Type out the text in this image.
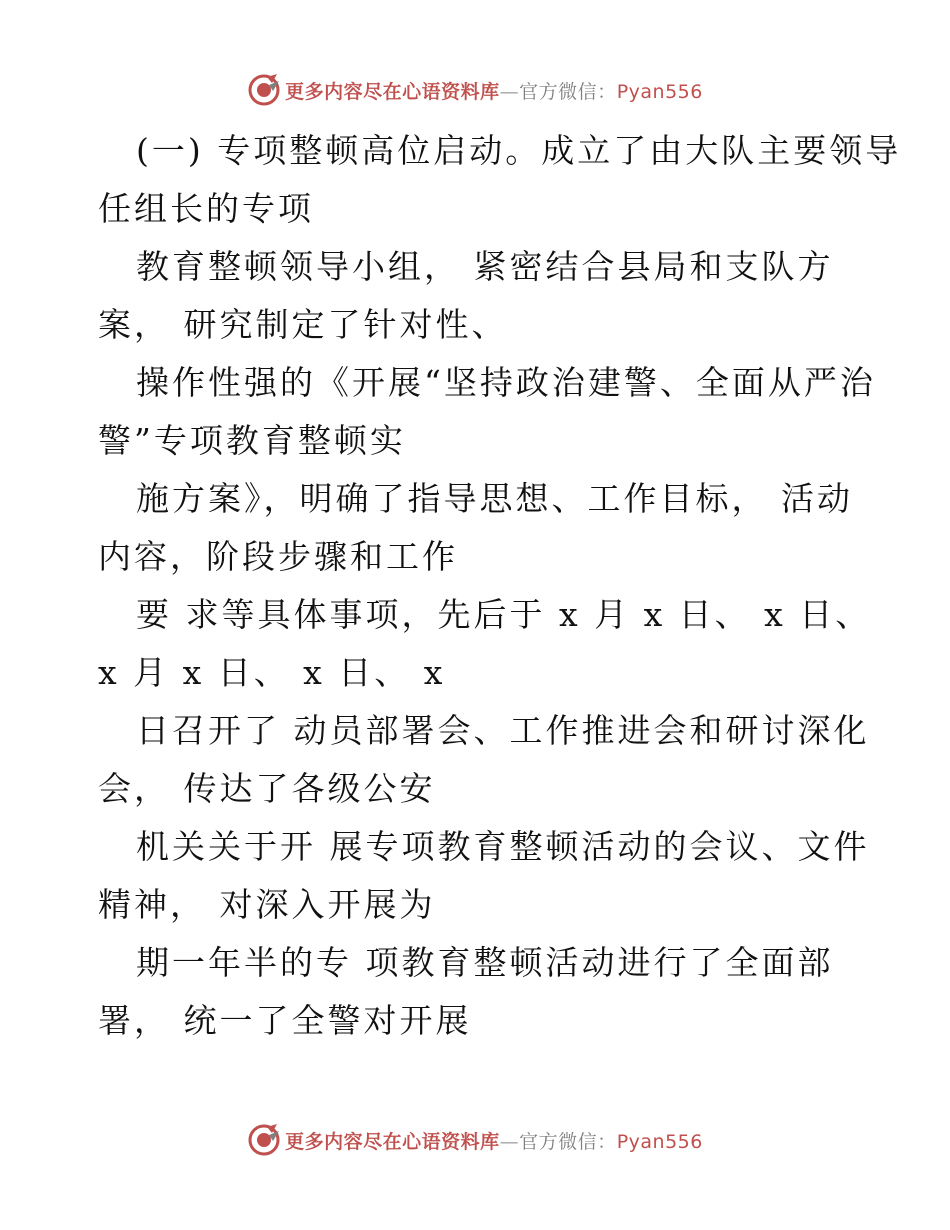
更多内容尽在心语资料库—官方微信：Pyan556
(一) 专项整顿高位启动。成立了由大队主要领导
任组长的专项
教育整顿领导小组， 紧密结合县局和支队方
案， 研究制定了针对性、
操作性强的《开展“坚持政治建警、全面从严治
警”专项教育整顿实
施方案》，明确了指导思想、工作目标， 活动
内容，阶段步骤和工作
要 求等具体事项，先后于 x 月 x 日、 x 日、
x 月 x 日、 x 日、 x
日召开了 动员部署会、工作推进会和研讨深化
会， 传达了各级公安
机关关于开 展专项教育整顿活动的会议、文件
精神， 对深入开展为
期一年半的专 项教育整顿活动进行了全面部
署， 统一了全警对开展
更多内容尽在心语资料库—官方微信：Pyan556
